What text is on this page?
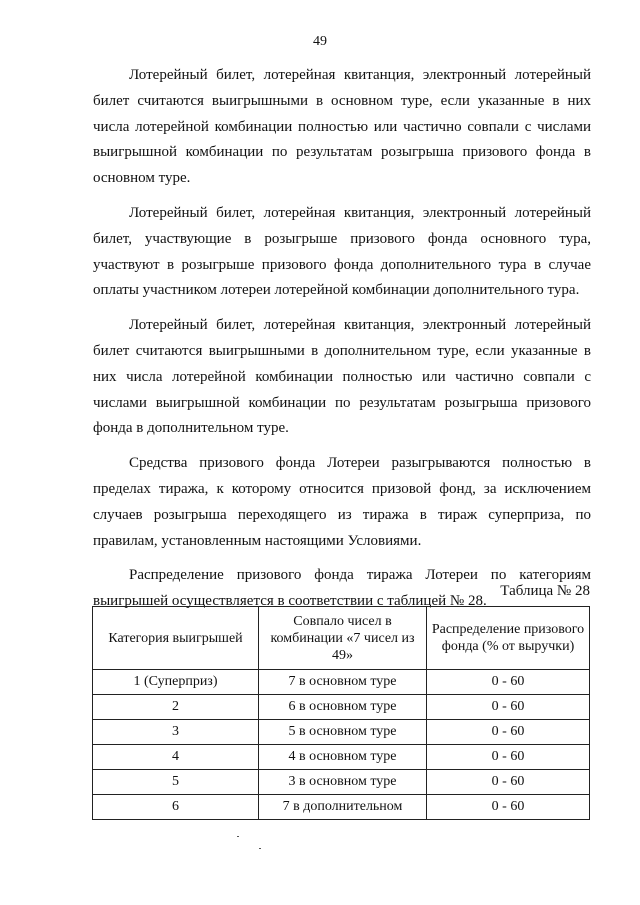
49

Лотерейный билет, лотерейная квитанция, электронный лотерейный билет считаются выигрышными в основном туре, если указанные в них числа лотерейной комбинации полностью или частично совпали с числами выигрышной комбинации по результатам розыгрыша призового фонда в основном туре.

Лотерейный билет, лотерейная квитанция, электронный лотерейный билет, участвующие в розыгрыше призового фонда основного тура, участвуют в розыгрыше призового фонда дополнительного тура в случае оплаты участником лотереи лотерейной комбинации дополнительного тура.

Лотерейный билет, лотерейная квитанция, электронный лотерейный билет считаются выигрышными в дополнительном туре, если указанные в них числа лотерейной комбинации полностью или частично совпали с числами выигрышной комбинации по результатам розыгрыша призового фонда в дополнительном туре.

Средства призового фонда Лотереи разыгрываются полностью в пределах тиража, к которому относится призовой фонд, за исключением случаев розыгрыша переходящего из тиража в тираж суперприза, по правилам, установленным настоящими Условиями.

Распределение призового фонда тиража Лотереи по категориям выигрышей осуществляется в соответствии с таблицей № 28.

Таблица № 28
Категория выигрышей	Совпало чисел в комбинации «7 чисел из 49»	Распределение призового фонда (% от выручки)
1 (Суперприз)	7 в основном туре	0 - 60
2	6 в основном туре	0 - 60
3	5 в основном туре	0 - 60
4	4 в основном туре	0 - 60
5	3 в основном туре	0 - 60
6	7 в дополнительном	0 - 60
